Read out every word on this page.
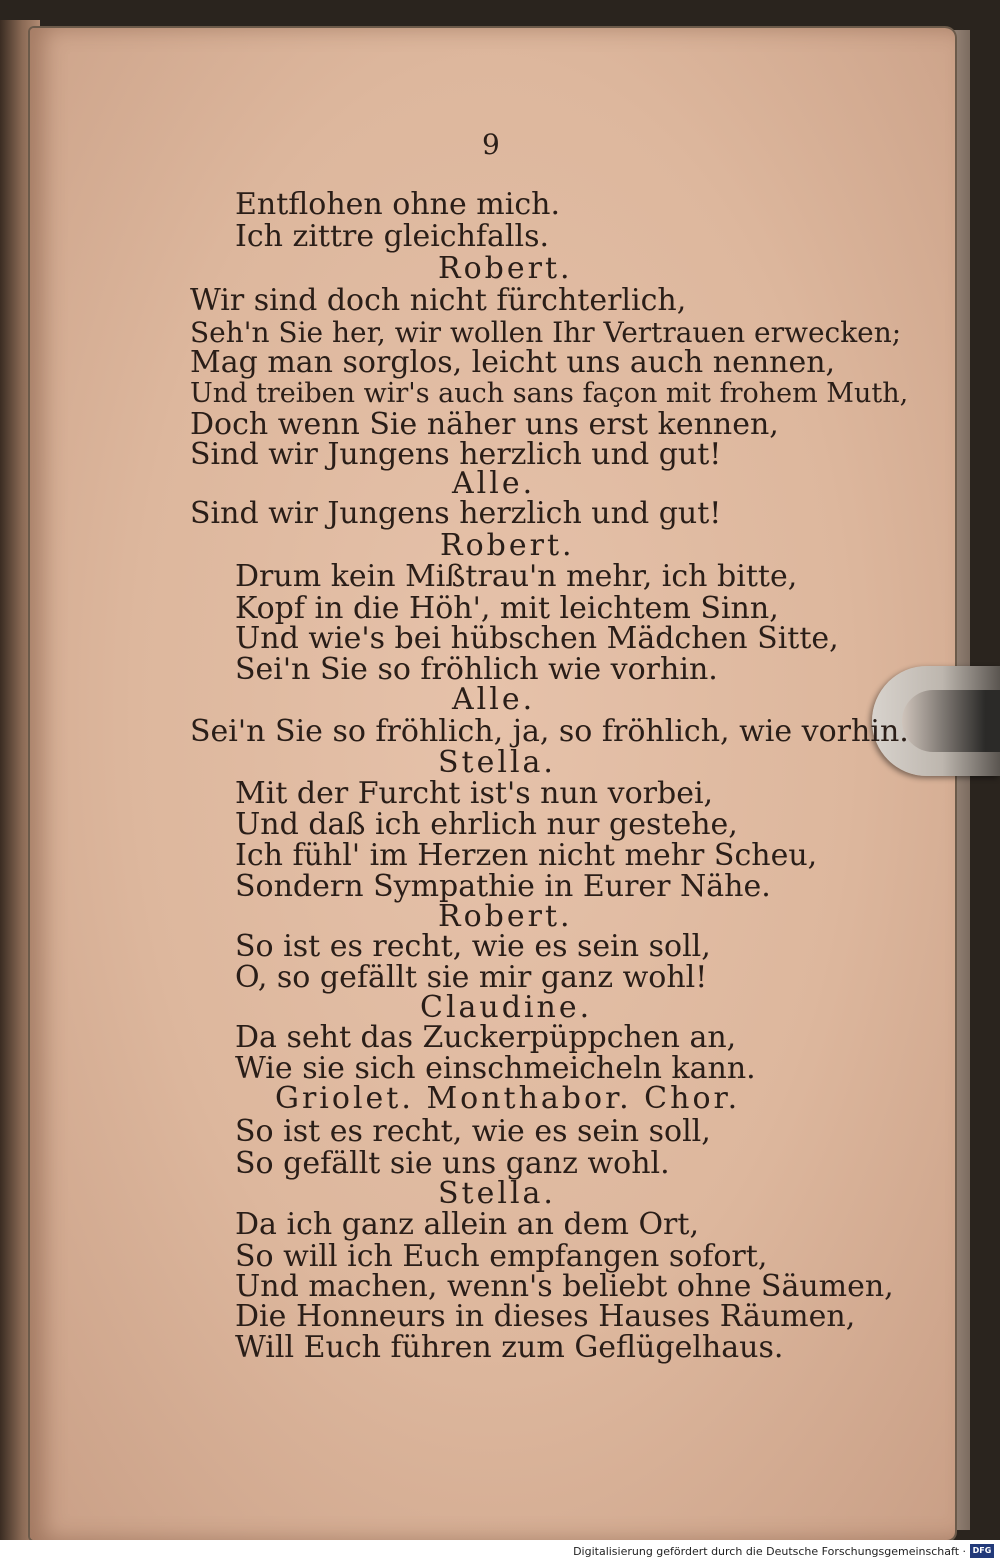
9
Entflohen ohne mich.
Ich zittre gleichfalls.
Robert.
Wir sind doch nicht fürchterlich,
Seh'n Sie her, wir wollen Ihr Vertrauen erwecken;
Mag man sorglos, leicht uns auch nennen,
Und treiben wir's auch sans façon mit frohem Muth,
Doch wenn Sie näher uns erst kennen,
Sind wir Jungens herzlich und gut!
Alle.
Sind wir Jungens herzlich und gut!
Robert.
Drum kein Mißtrau'n mehr, ich bitte,
Kopf in die Höh', mit leichtem Sinn,
Und wie's bei hübschen Mädchen Sitte,
Sei'n Sie so fröhlich wie vorhin.
Alle.
Sei'n Sie so fröhlich, ja, so fröhlich, wie vorhin.
Stella.
Mit der Furcht ist's nun vorbei,
Und daß ich ehrlich nur gestehe,
Ich fühl' im Herzen nicht mehr Scheu,
Sondern Sympathie in Eurer Nähe.
Robert.
So ist es recht, wie es sein soll,
O, so gefällt sie mir ganz wohl!
Claudine.
Da seht das Zuckerpüppchen an,
Wie sie sich einschmeicheln kann.
Griolet. Monthabor. Chor.
So ist es recht, wie es sein soll,
So gefällt sie uns ganz wohl.
Stella.
Da ich ganz allein an dem Ort,
So will ich Euch empfangen sofort,
Und machen, wenn's beliebt ohne Säumen,
Die Honneurs in dieses Hauses Räumen,
Will Euch führen zum Geflügelhaus.
Digitalisierung gefördert durch die Deutsche Forschungsgemeinschaft · DFG
